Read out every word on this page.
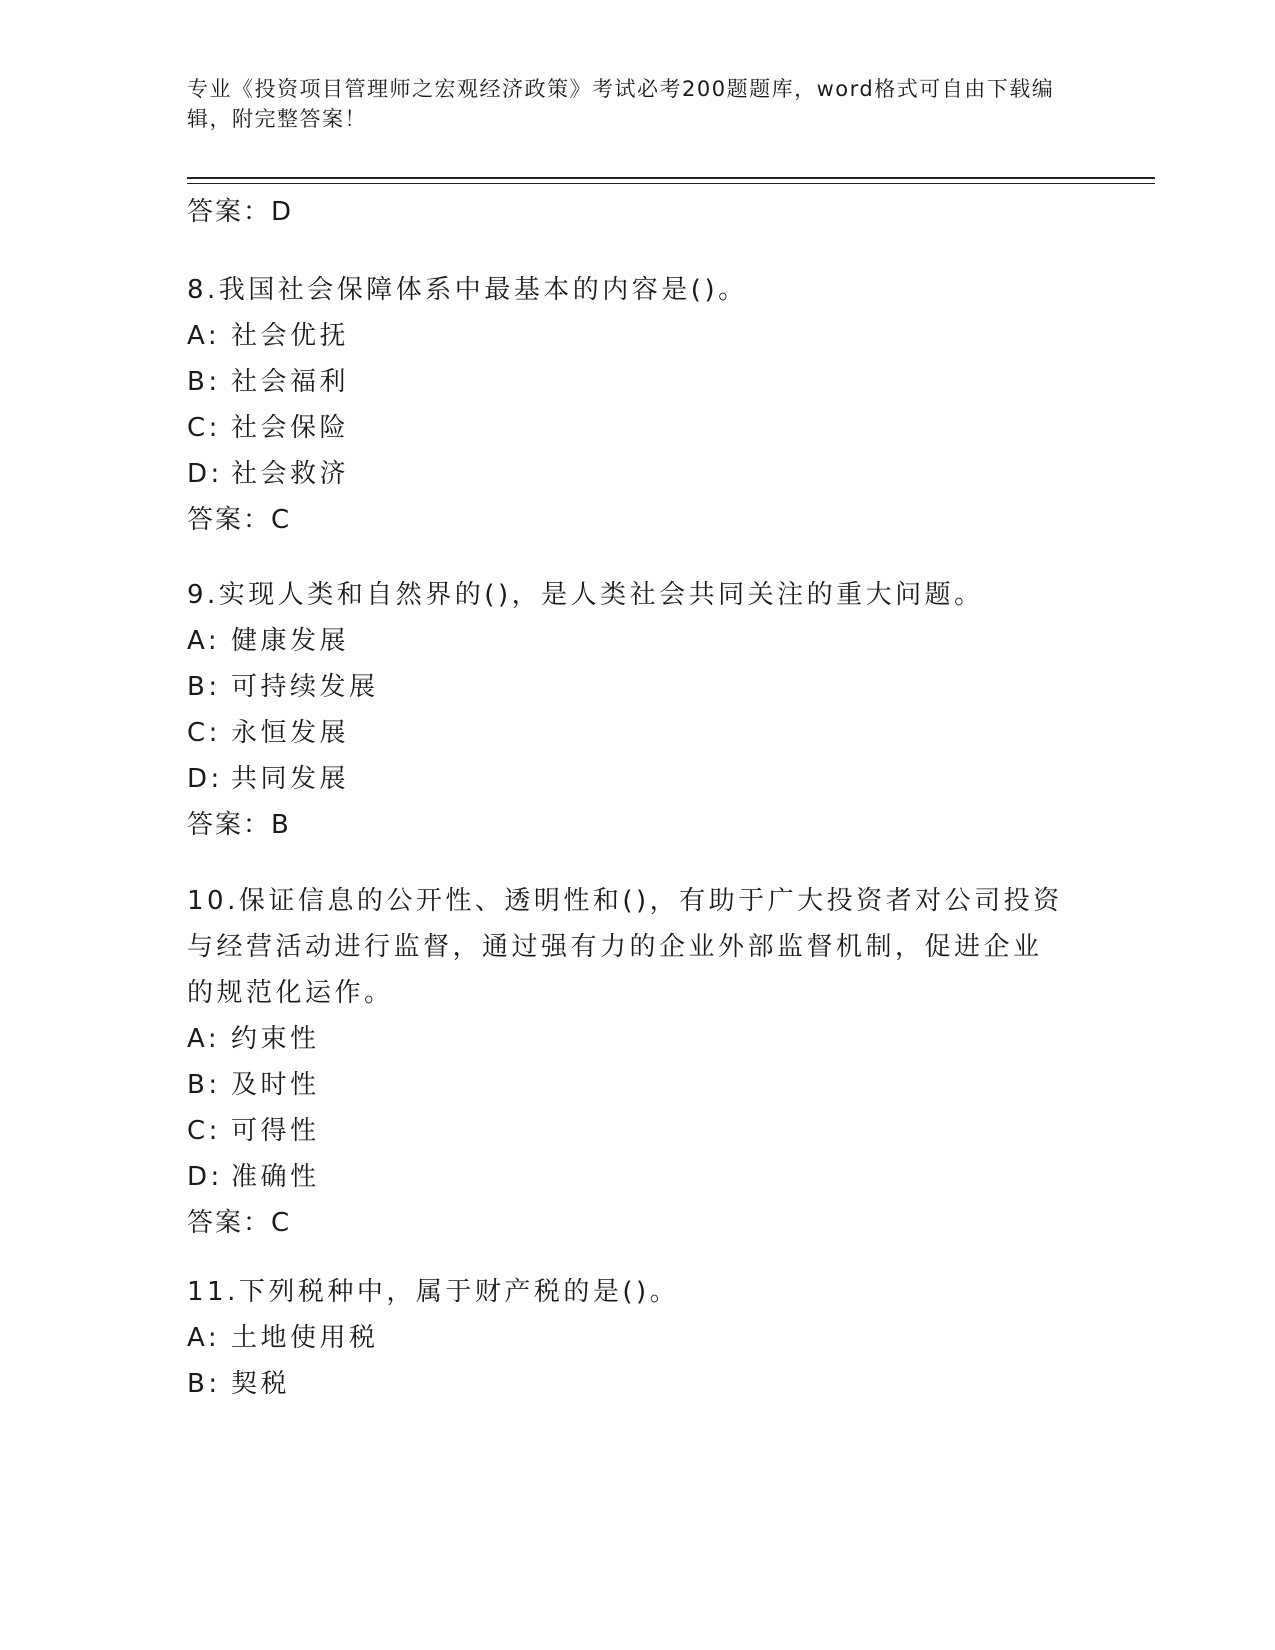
专业《投资项目管理师之宏观经济政策》考试必考200题题库，word格式可自由下载编辑，附完整答案！
答案：D
8.我国社会保障体系中最基本的内容是()。
A: 社会优抚
B: 社会福利
C: 社会保险
D: 社会救济
答案：C
9.实现人类和自然界的()，是人类社会共同关注的重大问题。
A: 健康发展
B: 可持续发展
C: 永恒发展
D: 共同发展
答案：B
10.保证信息的公开性、透明性和()，有助于广大投资者对公司投资与经营活动进行监督，通过强有力的企业外部监督机制，促进企业的规范化运作。
A: 约束性
B: 及时性
C: 可得性
D: 准确性
答案：C
11.下列税种中，属于财产税的是()。
A: 土地使用税
B: 契税
